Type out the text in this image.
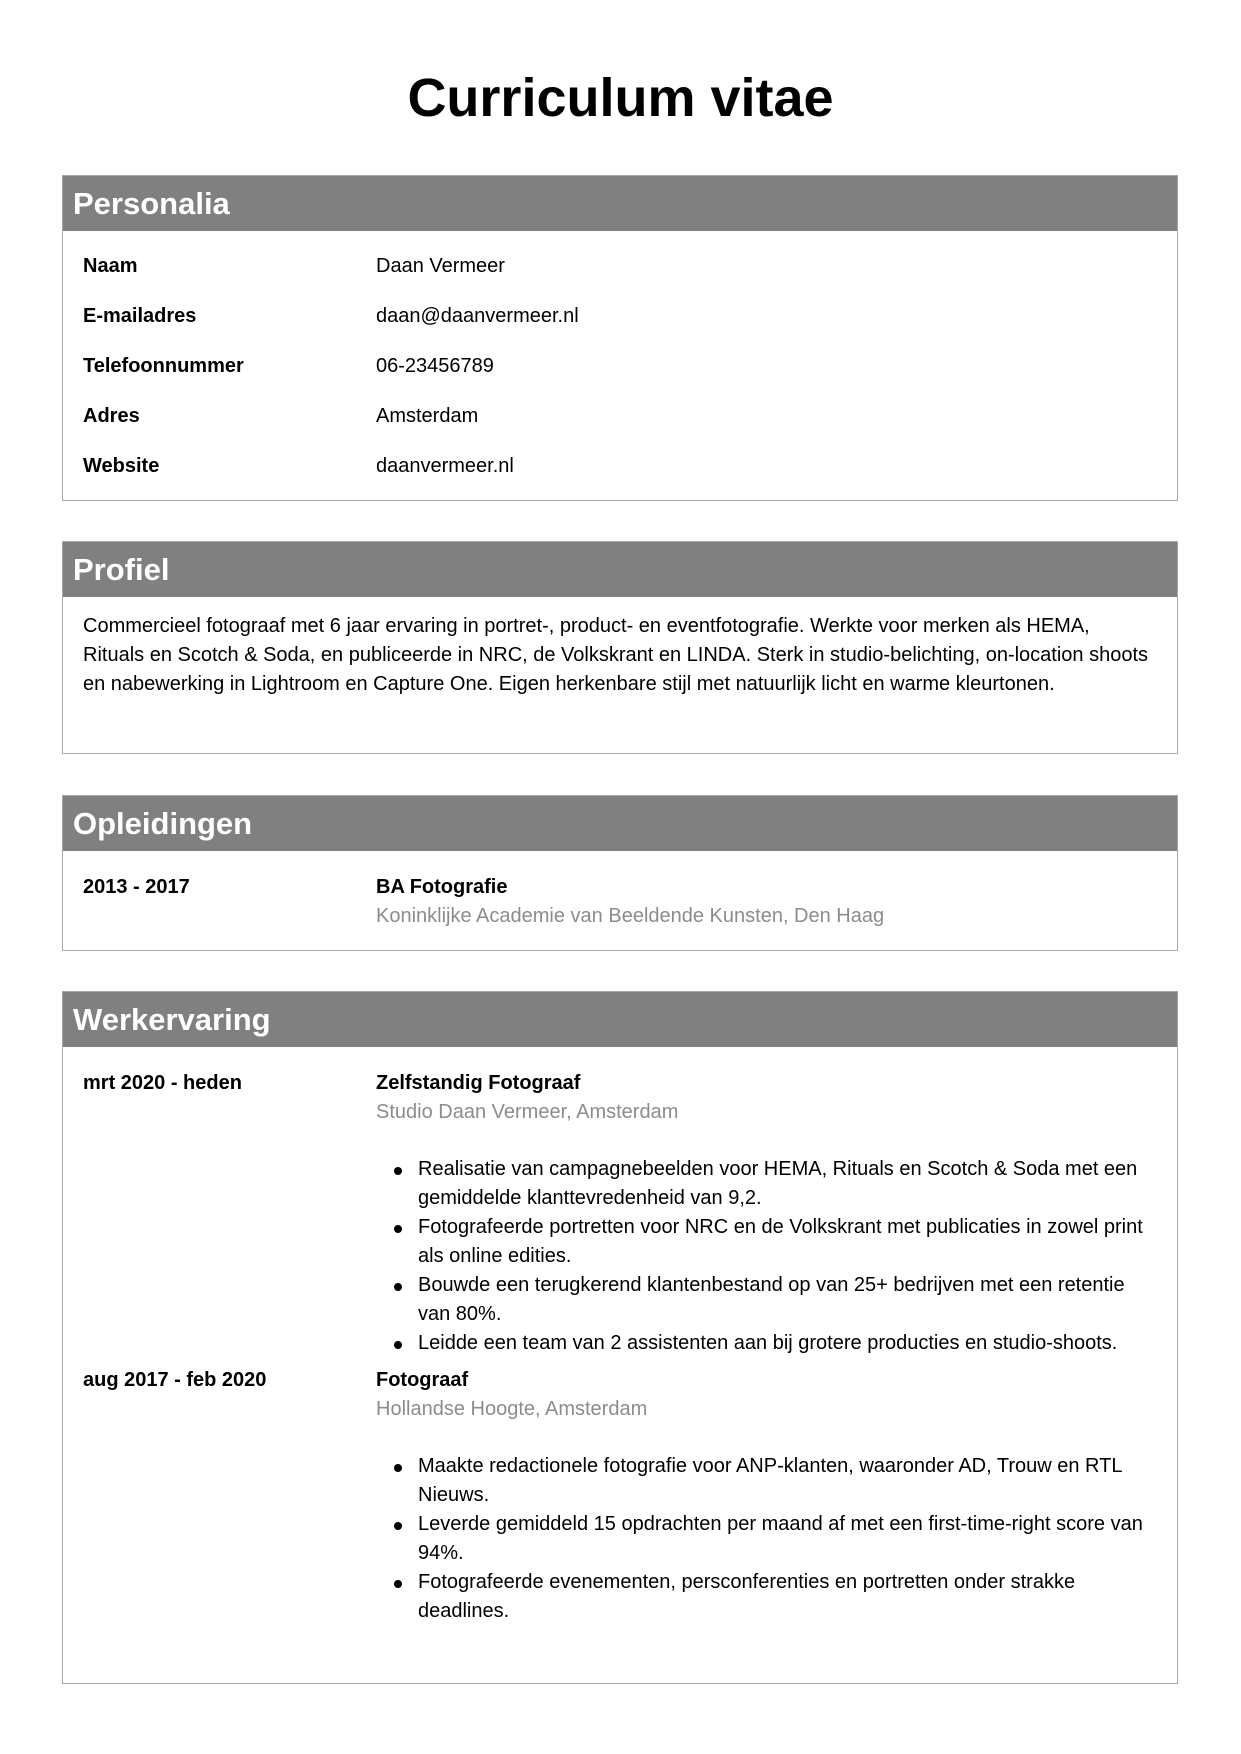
Curriculum vitae
Personalia
Naam	Daan Vermeer
E-mailadres	daan@daanvermeer.nl
Telefoonnummer	06-23456789
Adres	Amsterdam
Website	daanvermeer.nl
Profiel

Commercieel fotograaf met 6 jaar ervaring in portret-, product- en eventfotografie. Werkte voor merken als HEMA, Rituals en Scotch & Soda, en publiceerde in NRC, de Volkskrant en LINDA. Sterk in studio-belichting, on-location shoots en nabewerking in Lightroom en Capture One. Eigen herkenbare stijl met natuurlijk licht en warme kleurtonen.

Opleidingen
2013 - 2017	BA Fotografie
Koninklijke Academie van Beeldende Kunsten, Den Haag
Werkervaring
mrt 2020 - heden	Zelfstandig Fotograaf
Studio Daan Vermeer, Amsterdam
Realisatie van campagnebeelden voor HEMA, Rituals en Scotch & Soda met een gemiddelde klanttevredenheid van 9,2.
Fotografeerde portretten voor NRC en de Volkskrant met publicaties in zowel print als online edities.
Bouwde een terugkerend klantenbestand op van 25+ bedrijven met een retentie van 80%.
Leidde een team van 2 assistenten aan bij grotere producties en studio-shoots.
aug 2017 - feb 2020	Fotograaf
Hollandse Hoogte, Amsterdam
Maakte redactionele fotografie voor ANP-klanten, waaronder AD, Trouw en RTL Nieuws.
Leverde gemiddeld 15 opdrachten per maand af met een first-time-right score van 94%.
Fotografeerde evenementen, persconferenties en portretten onder strakke deadlines.
